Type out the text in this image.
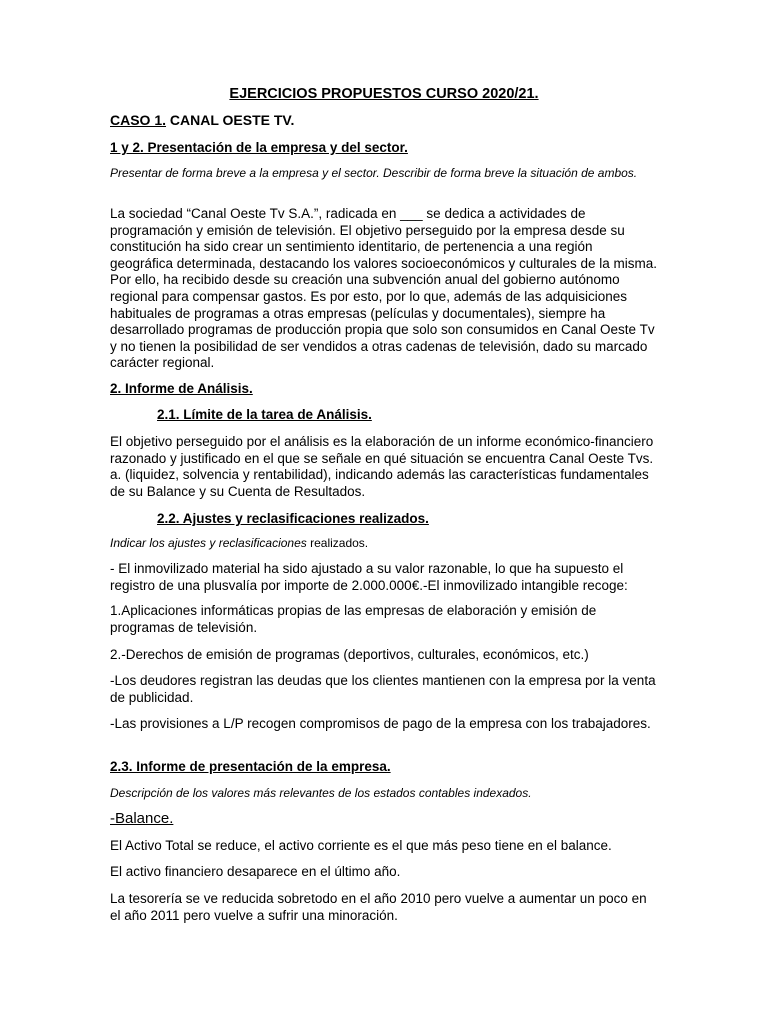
EJERCICIOS PROPUESTOS CURSO 2020/21.

CASO 1. CANAL OESTE TV.

1 y 2. Presentación de la empresa y del sector.

Presentar de forma breve a la empresa y el sector. Describir de forma breve la situación de ambos.

La sociedad “Canal Oeste Tv S.A.”, radicada en ___ se dedica a actividades de programación y emisión de televisión. El objetivo perseguido por la empresa desde su constitución ha sido crear un sentimiento identitario, de pertenencia a una región geográfica determinada, destacando los valores socioeconómicos y culturales de la misma. Por ello, ha recibido desde su creación una subvención anual del gobierno autónomo regional para compensar gastos. Es por esto, por lo que, además de las adquisiciones habituales de programas a otras empresas (películas y documentales), siempre ha desarrollado programas de producción propia que solo son consumidos en Canal Oeste Tv y no tienen la posibilidad de ser vendidos a otras cadenas de televisión, dado su marcado carácter regional.

2. Informe de Análisis.

2.1. Límite de la tarea de Análisis.

El objetivo perseguido por el análisis es la elaboración de un informe económico-financiero razonado y justificado en el que se señale en qué situación se encuentra Canal Oeste Tvs. a. (liquidez, solvencia y rentabilidad), indicando además las características fundamentales de su Balance y su Cuenta de Resultados.

2.2. Ajustes y reclasificaciones realizados.

Indicar los ajustes y reclasificaciones realizados.

- El inmovilizado material ha sido ajustado a su valor razonable, lo que ha supuesto el registro de una plusvalía por importe de 2.000.000€.-El inmovilizado intangible recoge:

1.Aplicaciones informáticas propias de las empresas de elaboración y emisión de programas de televisión.

2.-Derechos de emisión de programas (deportivos, culturales, económicos, etc.)

-Los deudores registran las deudas que los clientes mantienen con la empresa por la venta de publicidad.

-Las provisiones a L/P recogen compromisos de pago de la empresa con los trabajadores.

2.3. Informe de presentación de la empresa.

Descripción de los valores más relevantes de los estados contables indexados.

-Balance.

El Activo Total se reduce, el activo corriente es el que más peso tiene en el balance.

El activo financiero desaparece en el último año.

La tesorería se ve reducida sobretodo en el año 2010 pero vuelve a aumentar un poco en el año 2011 pero vuelve a sufrir una minoración.
